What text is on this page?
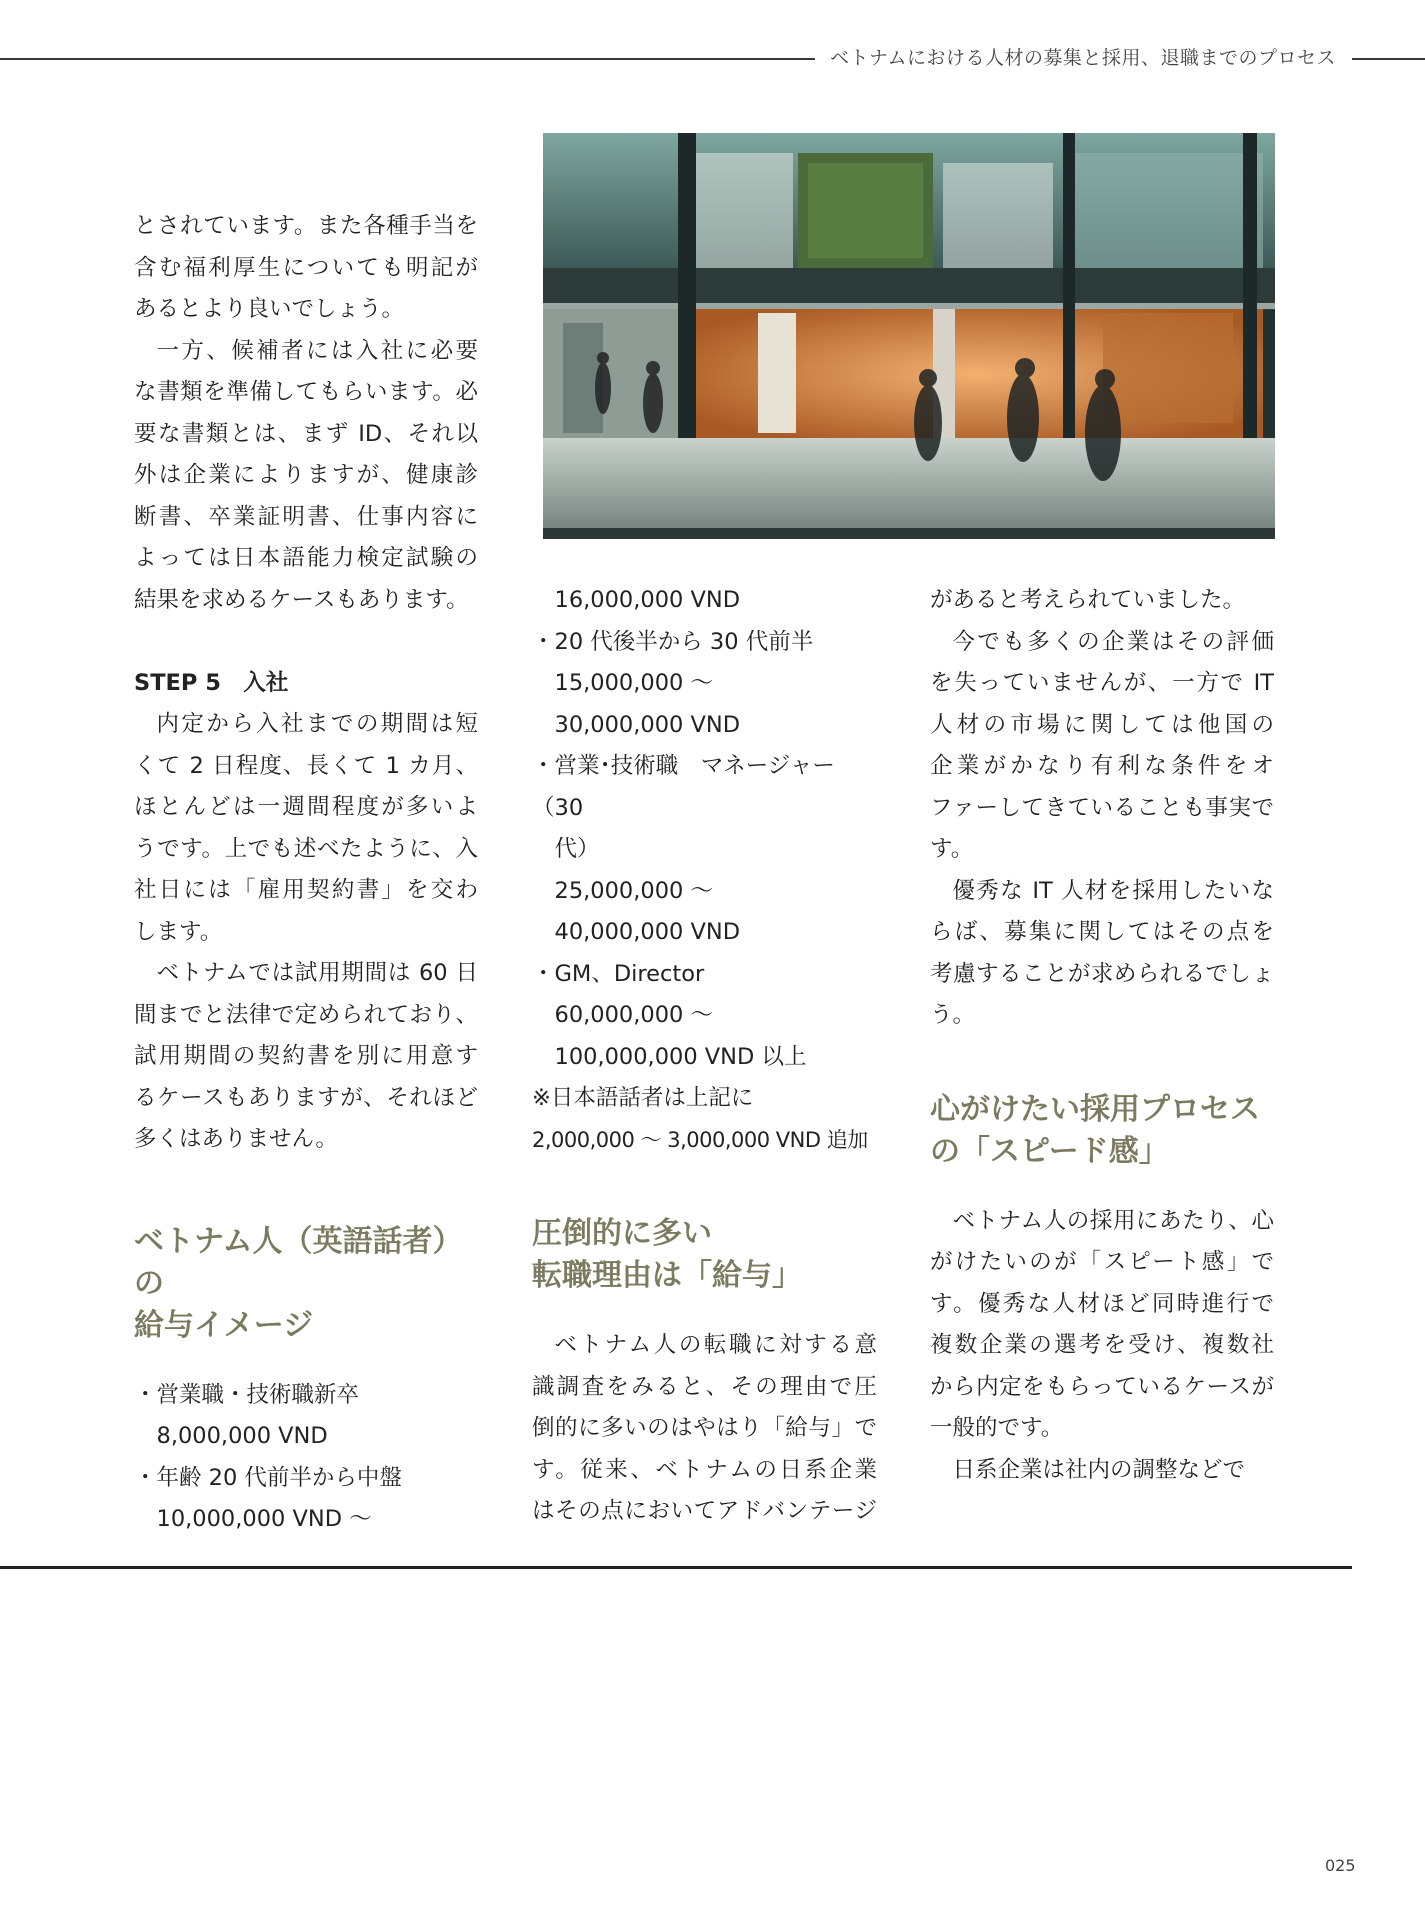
ベトナムにおける人材の募集と採用、退職までのプロセス

とされています。また各種手当を

含む福利厚生についても明記が

あるとより良いでしょう。

一方、候補者には入社に必要

な書類を準備してもらいます。必

要な書類とは、まず ID、それ以

外は企業によりますが、健康診

断書、卒業証明書、仕事内容に

よっては日本語能力検定試験の

結果を求めるケースもあります。

STEP 5　入社

内定から入社までの期間は短

くて 2 日程度、長くて 1 カ月、

ほとんどは一週間程度が多いよ

うです。上でも述べたように、入

社日には「雇用契約書」を交わ

します。

ベトナムでは試用期間は 60 日

間までと法律で定められており、

試用期間の契約書を別に用意す

るケースもありますが、それほど

多くはありません。

ベトナム人（英語話者）の
給与イメージ

・営業職・技術職新卒

8,000,000 VND

・年齢 20 代前半から中盤

10,000,000 VND ～

16,000,000 VND

・20 代後半から 30 代前半

15,000,000 ～

30,000,000 VND

・営業･技術職　マネージャー（30

代）

25,000,000 ～

40,000,000 VND

・GM、Director

60,000,000 ～

100,000,000 VND 以上

※日本語話者は上記に

2,000,000 ～ 3,000,000 VND 追加

圧倒的に多い
転職理由は「給与」

ベトナム人の転職に対する意

識調査をみると、その理由で圧

倒的に多いのはやはり「給与」で

す。従来、ベトナムの日系企業

はその点においてアドバンテージ

があると考えられていました。

今でも多くの企業はその評価

を失っていませんが、一方で IT

人材の市場に関しては他国の

企業がかなり有利な条件をオ

ファーしてきていることも事実で

す。

優秀な IT 人材を採用したいな

らば、募集に関してはその点を

考慮することが求められるでしょ

う。

心がけたい採用プロセス
の「スピード感」

ベトナム人の採用にあたり、心

がけたいのが「スピート感」で

す。優秀な人材ほど同時進行で

複数企業の選考を受け、複数社

から内定をもらっているケースが

一般的です。

日系企業は社内の調整などで

025
